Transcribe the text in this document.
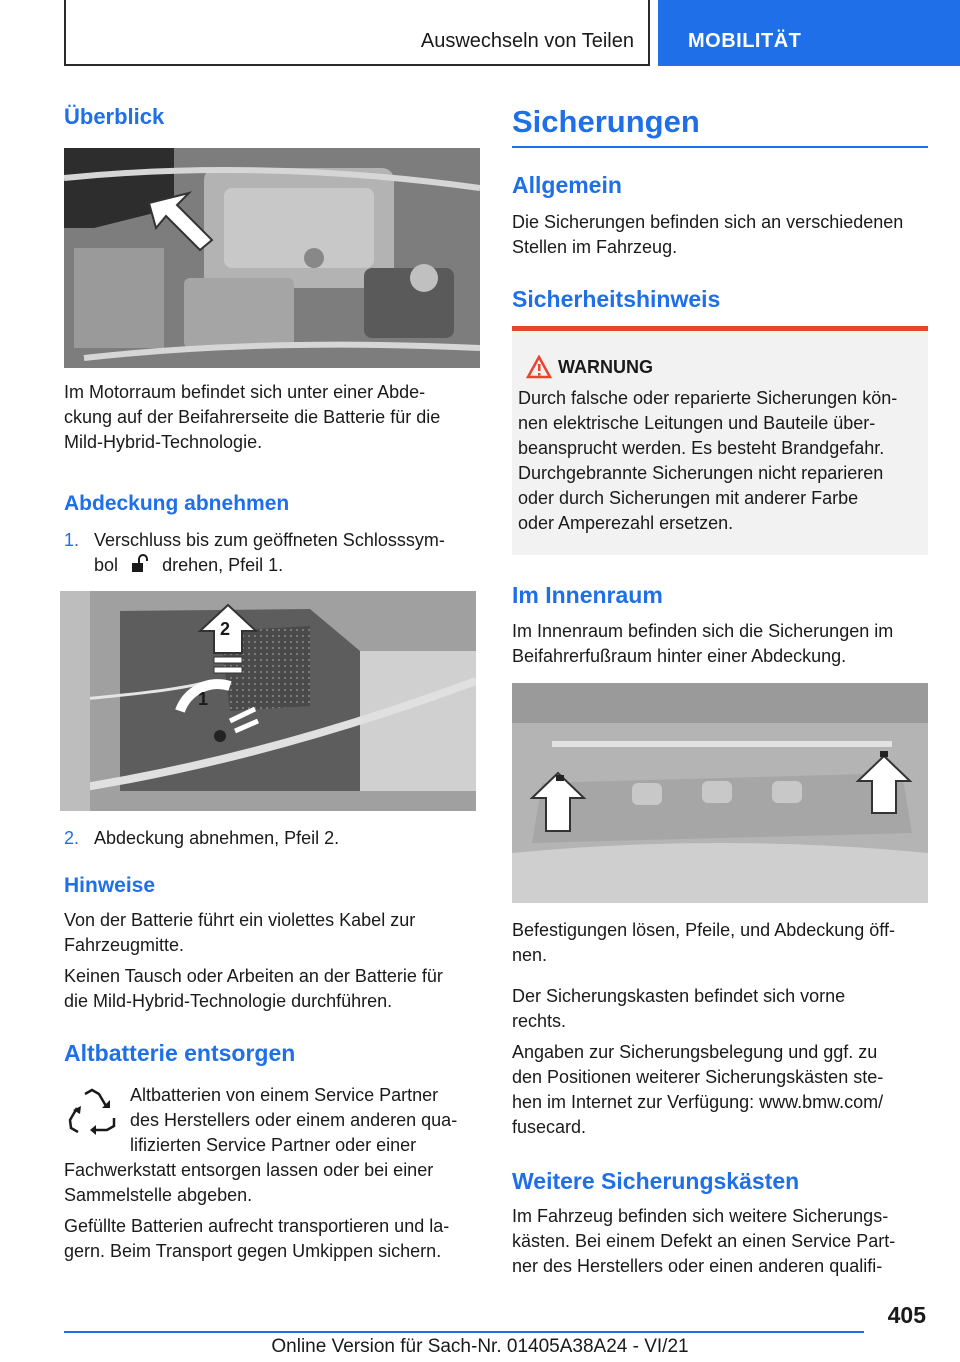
Auswechseln von Teilen	MOBILITÄT
Überblick
Im Motorraum befindet sich unter einer Abde-
ckung auf der Beifahrerseite die Batterie für die
Mild-Hybrid-Technologie.
Abdeckung abnehmen
1. Verschluss bis zum geöffneten Schlosssym-
bol drehen, Pfeil 1.
2
1
2. Abdeckung abnehmen, Pfeil 2.
Hinweise
Von der Batterie führt ein violettes Kabel zur
Fahrzeugmitte.
Keinen Tausch oder Arbeiten an der Batterie für
die Mild-Hybrid-Technologie durchführen.
Altbatterie entsorgen
Altbatterien von einem Service Partner
des Herstellers oder einem anderen qua-
lifizierten Service Partner oder einer
Fachwerkstatt entsorgen lassen oder bei einer
Sammelstelle abgeben.
Gefüllte Batterien aufrecht transportieren und la-
gern. Beim Transport gegen Umkippen sichern.
Sicherungen
Allgemein
Die Sicherungen befinden sich an verschiedenen
Stellen im Fahrzeug.
Sicherheitshinweis
WARNUNG
Durch falsche oder reparierte Sicherungen kön-
nen elektrische Leitungen und Bauteile über-
beansprucht werden. Es besteht Brandgefahr.
Durchgebrannte Sicherungen nicht reparieren
oder durch Sicherungen mit anderer Farbe
oder Amperezahl ersetzen.
Im Innenraum
Im Innenraum befinden sich die Sicherungen im
Beifahrerfußraum hinter einer Abdeckung.
Befestigungen lösen, Pfeile, und Abdeckung öff-
nen.
Der Sicherungskasten befindet sich vorne
rechts.
Angaben zur Sicherungsbelegung und ggf. zu
den Positionen weiterer Sicherungskästen ste-
hen im Internet zur Verfügung: www.bmw.com/
fusecard.
Weitere Sicherungskästen
Im Fahrzeug befinden sich weitere Sicherungs-
kästen. Bei einem Defekt an einen Service Part-
ner des Herstellers oder einen anderen qualifi-
405
Online Version für Sach-Nr. 01405A38A24 - VI/21
